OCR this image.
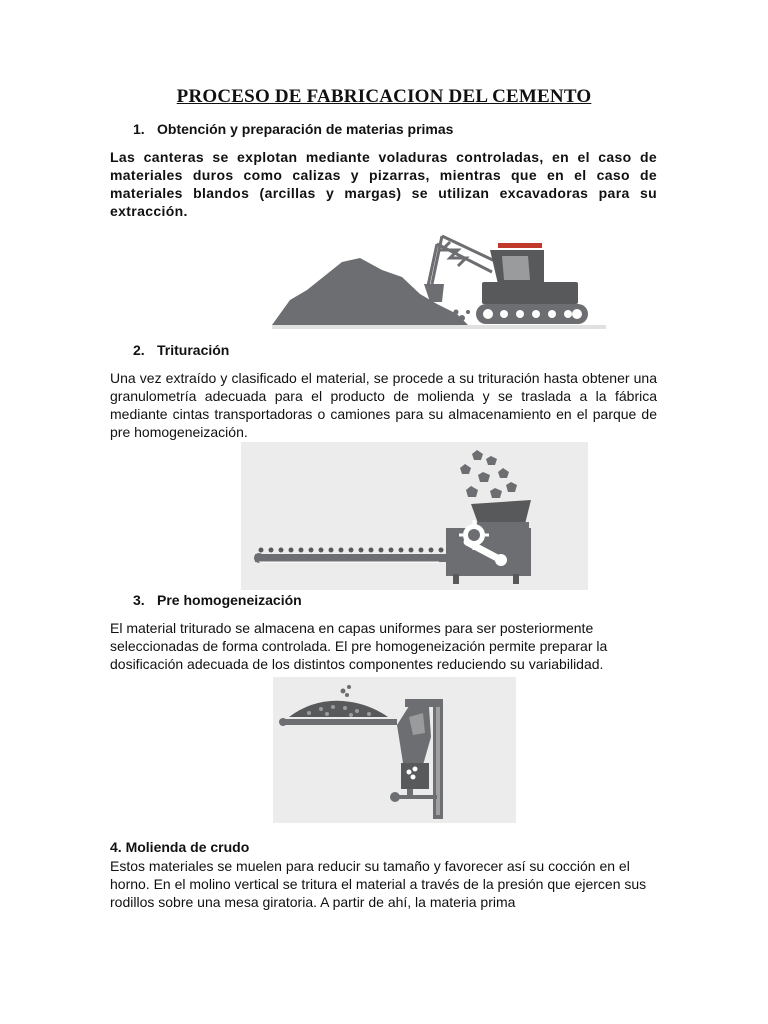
PROCESO DE FABRICACION DEL CEMENTO
1. Obtención y preparación de materias primas
Las canteras se explotan mediante voladuras controladas, en el caso de materiales duros como calizas y pizarras, mientras que en el caso de materiales blandos (arcillas y margas) se utilizan excavadoras para su extracción.
2. Trituración
Una vez extraído y clasificado el material, se procede a su trituración hasta obtener una granulometría adecuada para el producto de molienda y se traslada a la fábrica mediante cintas transportadoras o camiones para su almacenamiento en el parque de pre homogeneización.
3. Pre homogeneización
El material triturado se almacena en capas uniformes para ser posteriormente seleccionadas de forma controlada. El pre homogeneización permite preparar la dosificación adecuada de los distintos componentes reduciendo su variabilidad.
4. Molienda de crudo
Estos materiales se muelen para reducir su tamaño y favorecer así su cocción en el horno. En el molino vertical se tritura el material a través de la presión que ejercen sus rodillos sobre una mesa giratoria. A partir de ahí, la materia prima
